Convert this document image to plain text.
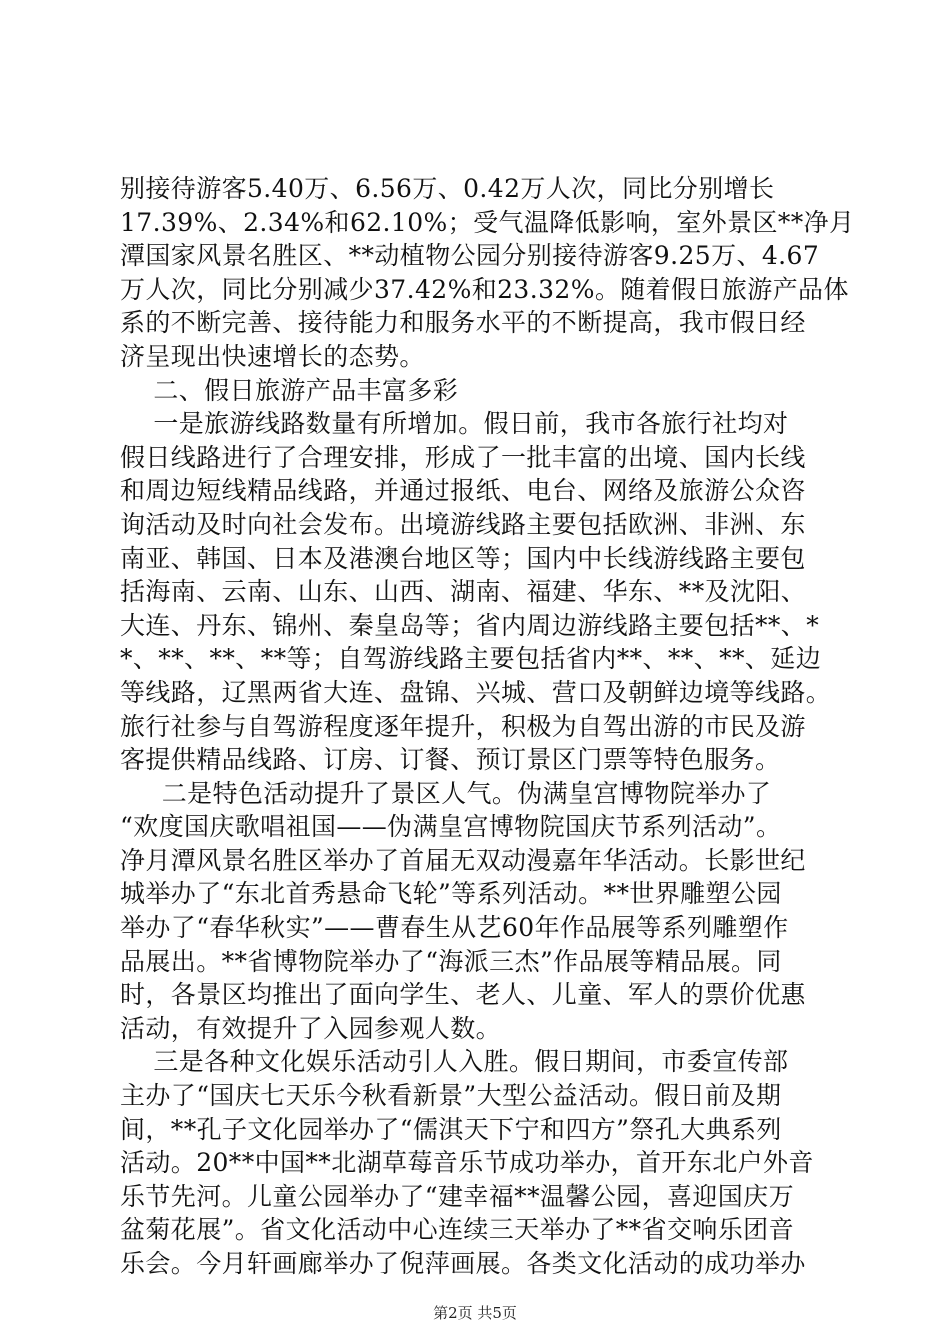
别接待游客5.40万、6.56万、0.42万人次，同比分别增长
17.39%、2.34%和62.10%；受气温降低影响，室外景区**净月
潭国家风景名胜区、**动植物公园分别接待游客9.25万、4.67
万人次，同比分别减少37.42%和23.32%。随着假日旅游产品体
系的不断完善、接待能力和服务水平的不断提高，我市假日经
济呈现出快速增长的态势。
二、假日旅游产品丰富多彩
一是旅游线路数量有所增加。假日前，我市各旅行社均对
假日线路进行了合理安排，形成了一批丰富的出境、国内长线
和周边短线精品线路，并通过报纸、电台、网络及旅游公众咨
询活动及时向社会发布。出境游线路主要包括欧洲、非洲、东
南亚、韩国、日本及港澳台地区等；国内中长线游线路主要包
括海南、云南、山东、山西、湖南、福建、华东、**及沈阳、
大连、丹东、锦州、秦皇岛等；省内周边游线路主要包括**、*
*、**、**、**等；自驾游线路主要包括省内**、**、**、延边
等线路，辽黑两省大连、盘锦、兴城、营口及朝鲜边境等线路。
旅行社参与自驾游程度逐年提升，积极为自驾出游的市民及游
客提供精品线路、订房、订餐、预订景区门票等特色服务。
二是特色活动提升了景区人气。伪满皇宫博物院举办了
“欢度国庆歌唱祖国——伪满皇宫博物院国庆节系列活动”。
净月潭风景名胜区举办了首届无双动漫嘉年华活动。长影世纪
城举办了“东北首秀悬命飞轮”等系列活动。**世界雕塑公园
举办了“春华秋实”——曹春生从艺60年作品展等系列雕塑作
品展出。**省博物院举办了“海派三杰”作品展等精品展。同
时，各景区均推出了面向学生、老人、儿童、军人的票价优惠
活动，有效提升了入园参观人数。
三是各种文化娱乐活动引人入胜。假日期间，市委宣传部
主办了“国庆七天乐今秋看新景”大型公益活动。假日前及期
间，**孔子文化园举办了“儒淇天下宁和四方”祭孔大典系列
活动。20**中国**北湖草莓音乐节成功举办，首开东北户外音
乐节先河。儿童公园举办了“建幸福**温馨公园，喜迎国庆万
盆菊花展”。省文化活动中心连续三天举办了**省交响乐团音
乐会。今月轩画廊举办了倪萍画展。各类文化活动的成功举办
第2页 共5页
